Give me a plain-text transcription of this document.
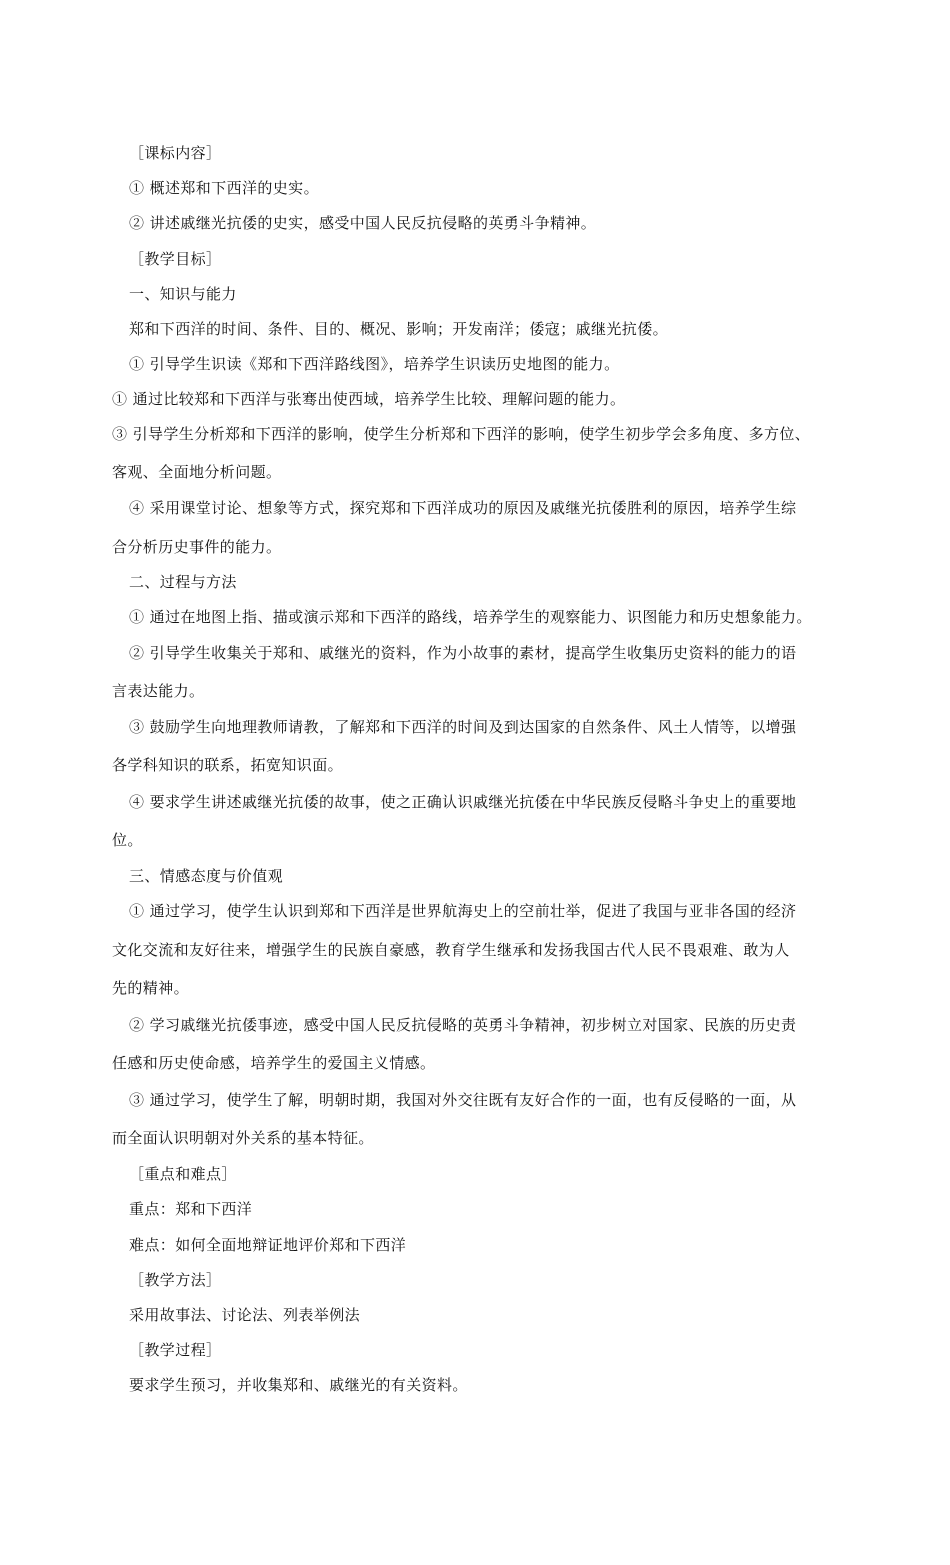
［课标内容］
① 概述郑和下西洋的史实。
② 讲述戚继光抗倭的史实，感受中国人民反抗侵略的英勇斗争精神。
［教学目标］
一、知识与能力
郑和下西洋的时间、条件、目的、概况、影响；开发南洋；倭寇；戚继光抗倭。
① 引导学生识读《郑和下西洋路线图》，培养学生识读历史地图的能力。
① 通过比较郑和下西洋与张骞出使西域，培养学生比较、理解问题的能力。
③ 引导学生分析郑和下西洋的影响，使学生分析郑和下西洋的影响，使学生初步学会多角度、多方位、
客观、全面地分析问题。
④ 采用课堂讨论、想象等方式，探究郑和下西洋成功的原因及戚继光抗倭胜利的原因，培养学生综
合分析历史事件的能力。
二、过程与方法
① 通过在地图上指、描或演示郑和下西洋的路线，培养学生的观察能力、识图能力和历史想象能力。
② 引导学生收集关于郑和、戚继光的资料，作为小故事的素材，提高学生收集历史资料的能力的语
言表达能力。
③ 鼓励学生向地理教师请教，了解郑和下西洋的时间及到达国家的自然条件、风土人情等，以增强
各学科知识的联系，拓宽知识面。
④ 要求学生讲述戚继光抗倭的故事，使之正确认识戚继光抗倭在中华民族反侵略斗争史上的重要地
位。
三、情感态度与价值观
① 通过学习，使学生认识到郑和下西洋是世界航海史上的空前壮举，促进了我国与亚非各国的经济
文化交流和友好往来，增强学生的民族自豪感，教育学生继承和发扬我国古代人民不畏艰难、敢为人
先的精神。
② 学习戚继光抗倭事迹，感受中国人民反抗侵略的英勇斗争精神，初步树立对国家、民族的历史责
任感和历史使命感，培养学生的爱国主义情感。
③ 通过学习，使学生了解，明朝时期，我国对外交往既有友好合作的一面，也有反侵略的一面，从
而全面认识明朝对外关系的基本特征。
［重点和难点］
重点：郑和下西洋
难点：如何全面地辩证地评价郑和下西洋
［教学方法］
采用故事法、讨论法、列表举例法
［教学过程］
要求学生预习，并收集郑和、戚继光的有关资料。
